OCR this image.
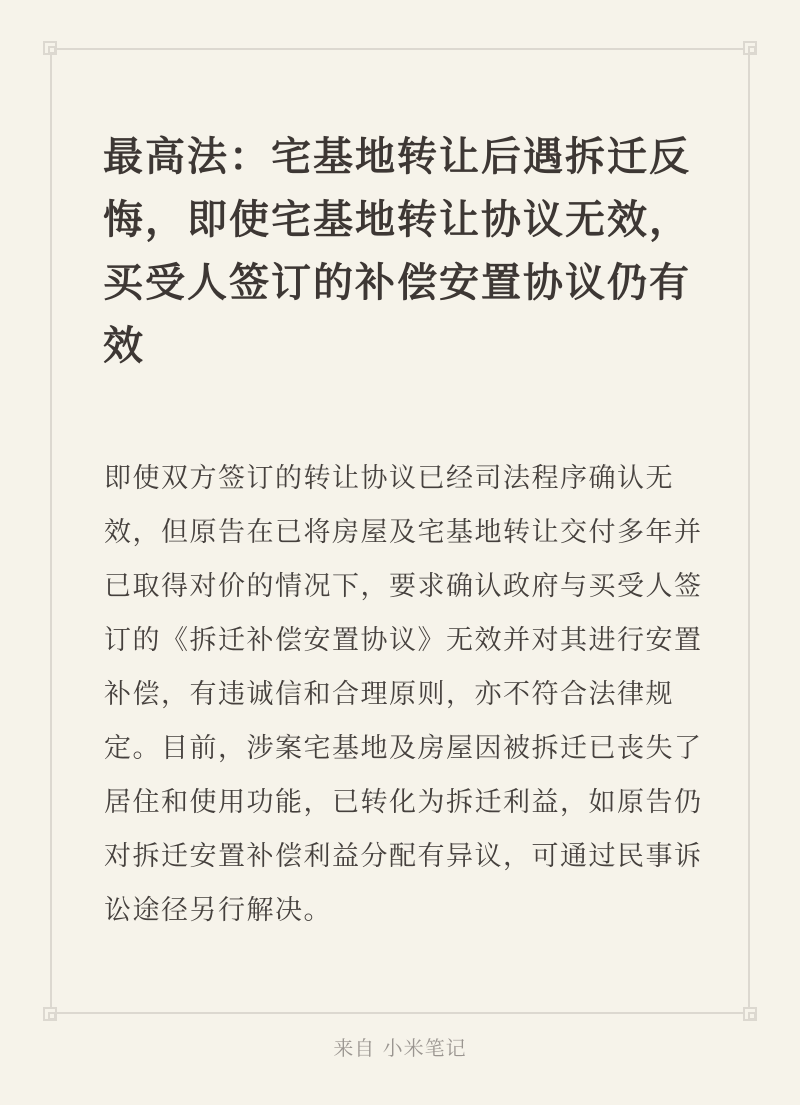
最高法：宅基地转让后遇拆迁反悔，即使宅基地转让协议无效，买受人签订的补偿安置协议仍有效

即使双方签订的转让协议已经司法程序确认无效，但原告在已将房屋及宅基地转让交付多年并已取得对价的情况下，要求确认政府与买受人签订的《拆迁补偿安置协议》无效并对其进行安置补偿，有违诚信和合理原则，亦不符合法律规定。目前，涉案宅基地及房屋因被拆迁已丧失了居住和使用功能，已转化为拆迁利益，如原告仍对拆迁安置补偿利益分配有异议，可通过民事诉讼途径另行解决。

来自 小米笔记
